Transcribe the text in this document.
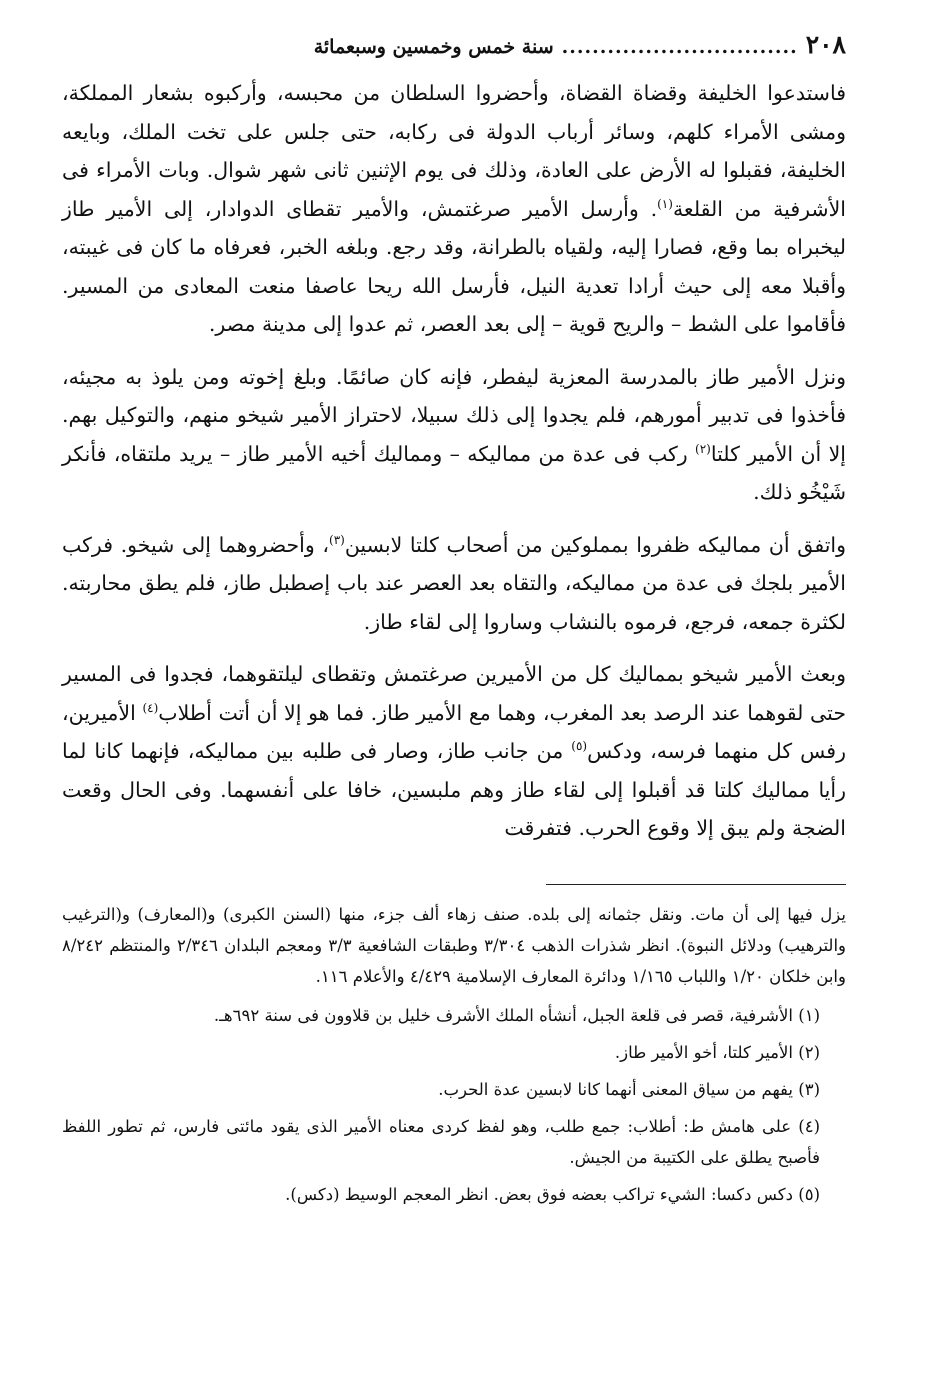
٢٠٨
...............................
سنة خمس وخمسين وسبعمائة

فاستدعوا الخليفة وقضاة القضاة، وأحضروا السلطان من محبسه، وأركبوه بشعار المملكة، ومشى الأمراء كلهم، وسائر أرباب الدولة فى ركابه، حتى جلس على تخت الملك، وبايعه الخليفة، فقبلوا له الأرض على العادة، وذلك فى يوم الإثنين ثانى شهر شوال. وبات الأمراء فى الأشرفية من القلعة$^{(١)}$. وأرسل الأمير صرغتمش، والأمير تقطاى الدوادار، إلى الأمير طاز ليخبراه بما وقع، فصارا إليه، ولقياه بالطرانة، وقد رجع. وبلغه الخبر، فعرفاه ما كان فى غيبته، وأقبلا معه إلى حيث أرادا تعدية النيل، فأرسل الله ريحا عاصفا منعت المعادى من المسير. فأقاموا على الشط – والريح قوية – إلى بعد العصر، ثم عدوا إلى مدينة مصر.

ونزل الأمير طاز بالمدرسة المعزية ليفطر، فإنه كان صائمًا. وبلغ إخوته ومن يلوذ به مجيئه، فأخذوا فى تدبير أمورهم، فلم يجدوا إلى ذلك سبيلا، لاحتراز الأمير شيخو منهم، والتوكيل بهم. إلا أن الأمير كلتا$^{(٢)}$ ركب فى عدة من مماليكه – ومماليك أخيه الأمير طاز – يريد ملتقاه، فأنكر شَيْخُو ذلك.

واتفق أن مماليكه ظفروا بمملوكين من أصحاب كلتا لابسين$^{(٣)}$، وأحضروهما إلى شيخو. فركب الأمير بلجك فى عدة من مماليكه، والتقاه بعد العصر عند باب إصطبل طاز، فلم يطق محاربته. لكثرة جمعه، فرجع، فرموه بالنشاب وساروا إلى لقاء طاز.

وبعث الأمير شيخو بمماليك كل من الأميرين صرغتمش وتقطاى ليلتقوهما، فجدوا فى المسير حتى لقوهما عند الرصد بعد المغرب، وهما مع الأمير طاز. فما هو إلا أن أتت أطلاب$^{(٤)}$ الأميرين، رفس كل منهما فرسه، ودكس$^{(٥)}$ من جانب طاز، وصار فى طلبه بين مماليكه، فإنهما كانا لما رأيا مماليك كلتا قد أقبلوا إلى لقاء طاز وهم ملبسين، خافا على أنفسهما. وفى الحال وقعت الضجة ولم يبق إلا وقوع الحرب. فتفرقت

يزل فيها إلى أن مات. ونقل جثمانه إلى بلده. صنف زهاء ألف جزء، منها (السنن الكبرى) و(المعارف) و(الترغيب والترهيب) ودلائل النبوة). انظر شذرات الذهب ٣/٣٠٤ وطبقات الشافعية ٣/٣ ومعجم البلدان ٢/٣٤٦ والمنتظم ٨/٢٤٢ وابن خلكان ١/٢٠ واللباب ١/١٦٥ ودائرة المعارف الإسلامية ٤/٤٢٩ والأعلام ١١٦.

(١) الأشرفية، قصر فى قلعة الجبل، أنشأه الملك الأشرف خليل بن قلاوون فى سنة ٦٩٢هـ.
(٢) الأمير كلتا، أخو الأمير طاز.
(٣) يفهم من سياق المعنى أنهما كانا لابسين عدة الحرب.
(٤) على هامش ط: أطلاب: جمع طلب، وهو لفظ كردى معناه الأمير الذى يقود مائتى فارس، ثم تطور اللفظ فأصبح يطلق على الكتيبة من الجيش.
(٥) دكس دكسا: الشيء تراكب بعضه فوق بعض. انظر المعجم الوسيط (دكس).
